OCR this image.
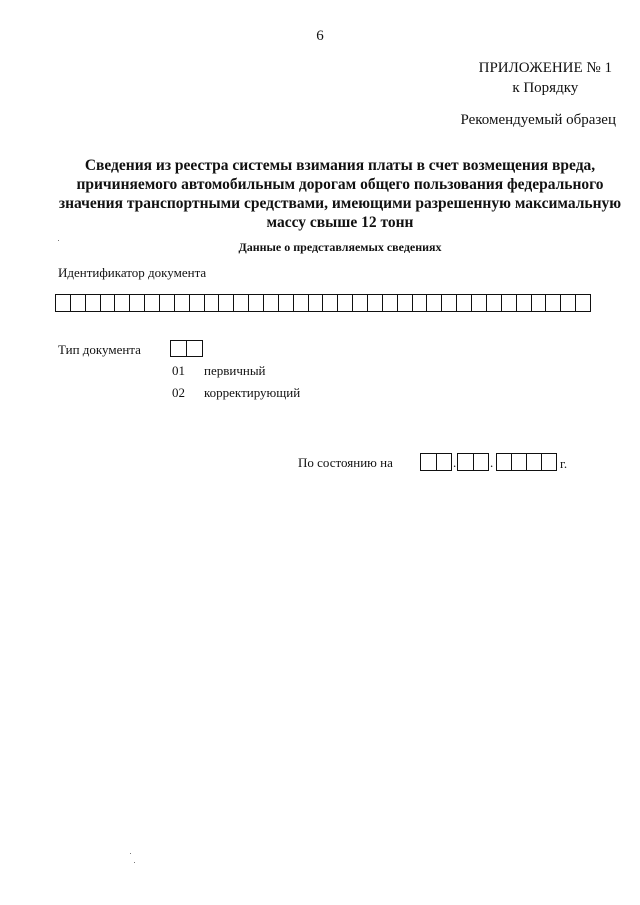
6
ПРИЛОЖЕНИЕ № 1
к Порядку
Рекомендуемый образец
Сведения из реестра системы взимания платы в счет возмещения вреда,
причиняемого автомобильным дорогам общего пользования федерального
значения транспортными средствами, имеющими разрешенную максимальную
массу свыше 12 тонн
Данные о представляемых сведениях
Идентификатор документа
Тип документа
01 первичный
02 корректирующий
По состоянию на	.	.	г.
